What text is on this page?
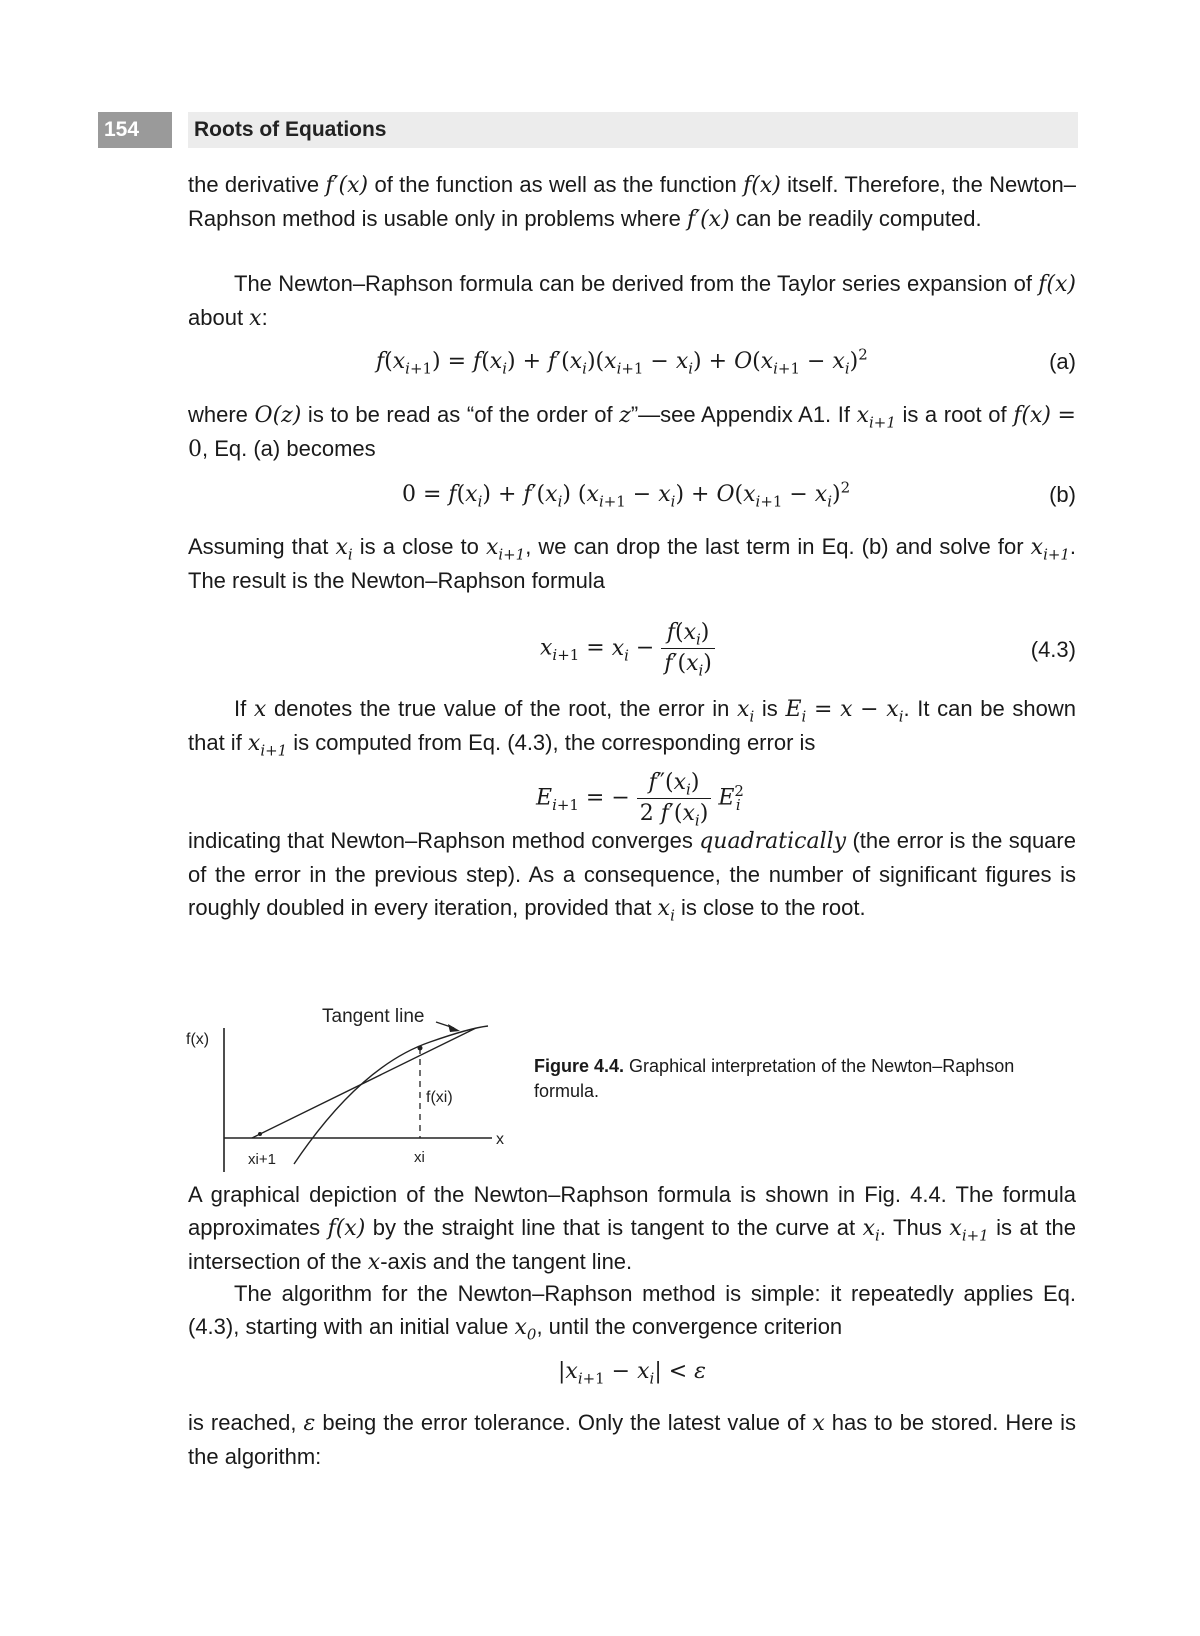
154	Roots of Equations

the derivative f′(x) of the function as well as the function f(x) itself. Therefore, the Newton–Raphson method is usable only in problems where f′(x) can be readily computed.

The Newton–Raphson formula can be derived from the Taylor series expansion of f(x) about x:

$f(x_{i+1}) = f(x_i) + f'(x_i)(x_{i+1} - x_i) + O(x_{i+1} - x_i)^2$	(a)

where O(z) is to be read as “of the order of z”—see Appendix A1. If $x_{i+1}$ is a root of f(x) = 0, Eq. (a) becomes

$0 = f(x_i) + f'(x_i) (x_{i+1} - x_i) + O(x_{i+1} - x_i)^2$	(b)

Assuming that $x_i$ is a close to $x_{i+1}$, we can drop the last term in Eq. (b) and solve for $x_{i+1}$. The result is the Newton–Raphson formula

$x_{i+1} = x_i - \frac{f(x_i)}{f'(x_i)}$	(4.3)

If x denotes the true value of the root, the error in $x_i$ is $E_i = x - x_i$. It can be shown that if $x_{i+1}$ is computed from Eq. (4.3), the corresponding error is

$E_{i+1}$ = − $\frac{f''(x_i)}{2 f'(x_i)} E^2_i$

indicating that Newton–Raphson method converges quadratically (the error is the square of the error in the previous step). As a consequence, the number of significant figures is roughly doubled in every iteration, provided that $x_i$ is close to the root.

Tangent line
f(x)
x
f(xi)
xi
xi+1
Figure 4.4. Graphical interpretation of the Newton–Raphson formula.

A graphical depiction of the Newton–Raphson formula is shown in Fig. 4.4. The formula approximates f(x) by the straight line that is tangent to the curve at $x_i$. Thus $x_{i+1}$ is at the intersection of the x-axis and the tangent line.

The algorithm for the Newton–Raphson method is simple: it repeatedly applies Eq. (4.3), starting with an initial value $x_0$, until the convergence criterion

$|x_{i+1} - x_i| < \varepsilon$

is reached, ε being the error tolerance. Only the latest value of x has to be stored. Here is the algorithm:
